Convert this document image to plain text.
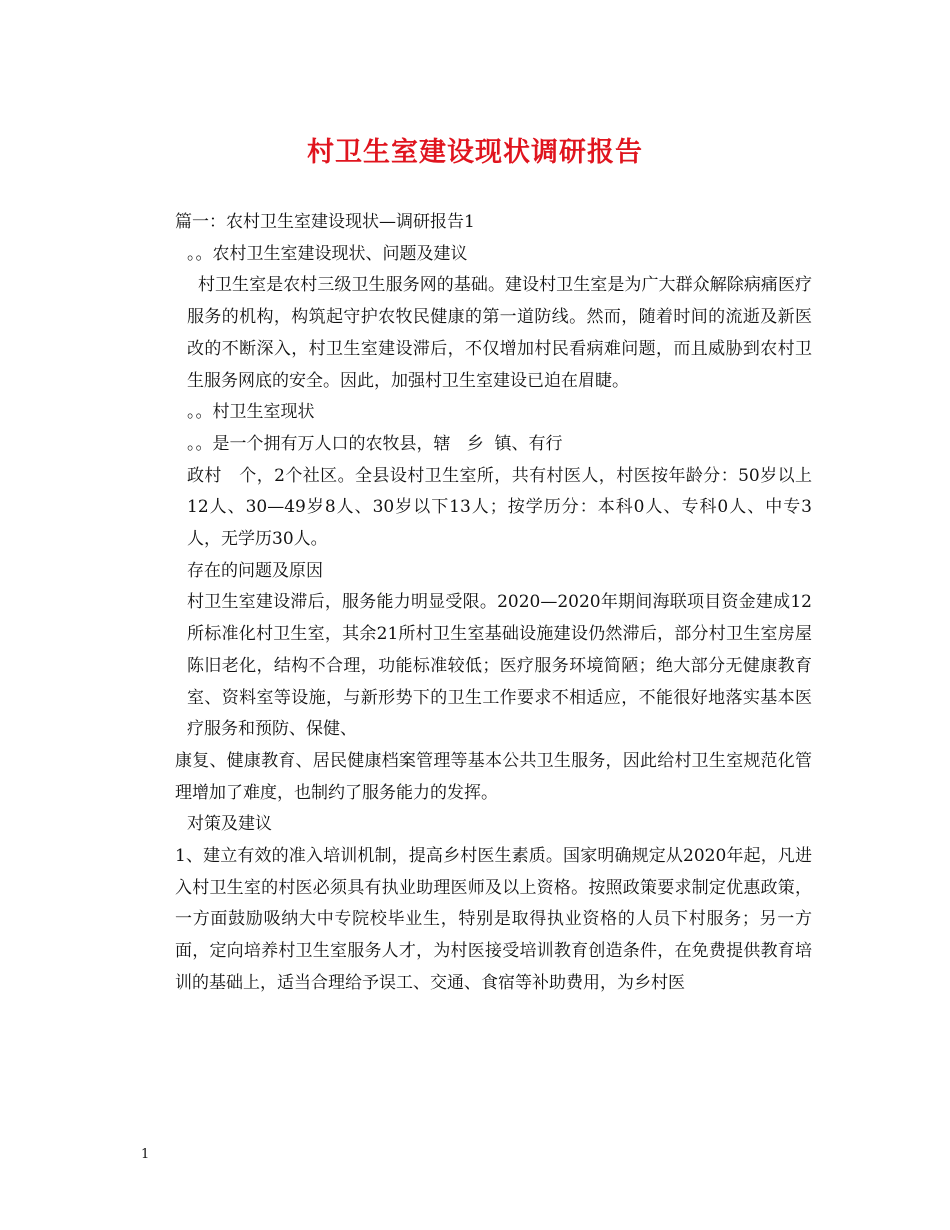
村卫生室建设现状调研报告

篇一：农村卫生室建设现状—调研报告1

。。农村卫生室建设现状、问题及建议

村卫生室是农村三级卫生服务网的基础。建设村卫生室是为广大群众解除病痛医疗服务的机构，构筑起守护农牧民健康的第一道防线。然而，随着时间的流逝及新医改的不断深入，村卫生室建设滞后，不仅增加村民看病难问题，而且威胁到农村卫生服务网底的安全。因此，加强村卫生室建设已迫在眉睫。

。。村卫生室现状

。。是一个拥有万人口的农牧县，辖   乡  镇、有行

政村   个，2个社区。全县设村卫生室所，共有村医人，村医按年龄分：50岁以上12人、30—49岁8人、30岁以下13人；按学历分：本科0人、专科0人、中专3人，无学历30人。

存在的问题及原因

村卫生室建设滞后，服务能力明显受限。2020—2020年期间海联项目资金建成12所标准化村卫生室，其余21所村卫生室基础设施建设仍然滞后，部分村卫生室房屋陈旧老化，结构不合理，功能标准较低；医疗服务环境简陋；绝大部分无健康教育室、资料室等设施，与新形势下的卫生工作要求不相适应，不能很好地落实基本医疗服务和预防、保健、

康复、健康教育、居民健康档案管理等基本公共卫生服务，因此给村卫生室规范化管理增加了难度，也制约了服务能力的发挥。

对策及建议

1、建立有效的准入培训机制，提高乡村医生素质。国家明确规定从2020年起，凡进入村卫生室的村医必须具有执业助理医师及以上资格。按照政策要求制定优惠政策，一方面鼓励吸纳大中专院校毕业生，特别是取得执业资格的人员下村服务；另一方面，定向培养村卫生室服务人才，为村医接受培训教育创造条件，在免费提供教育培训的基础上，适当合理给予误工、交通、食宿等补助费用，为乡村医

1
